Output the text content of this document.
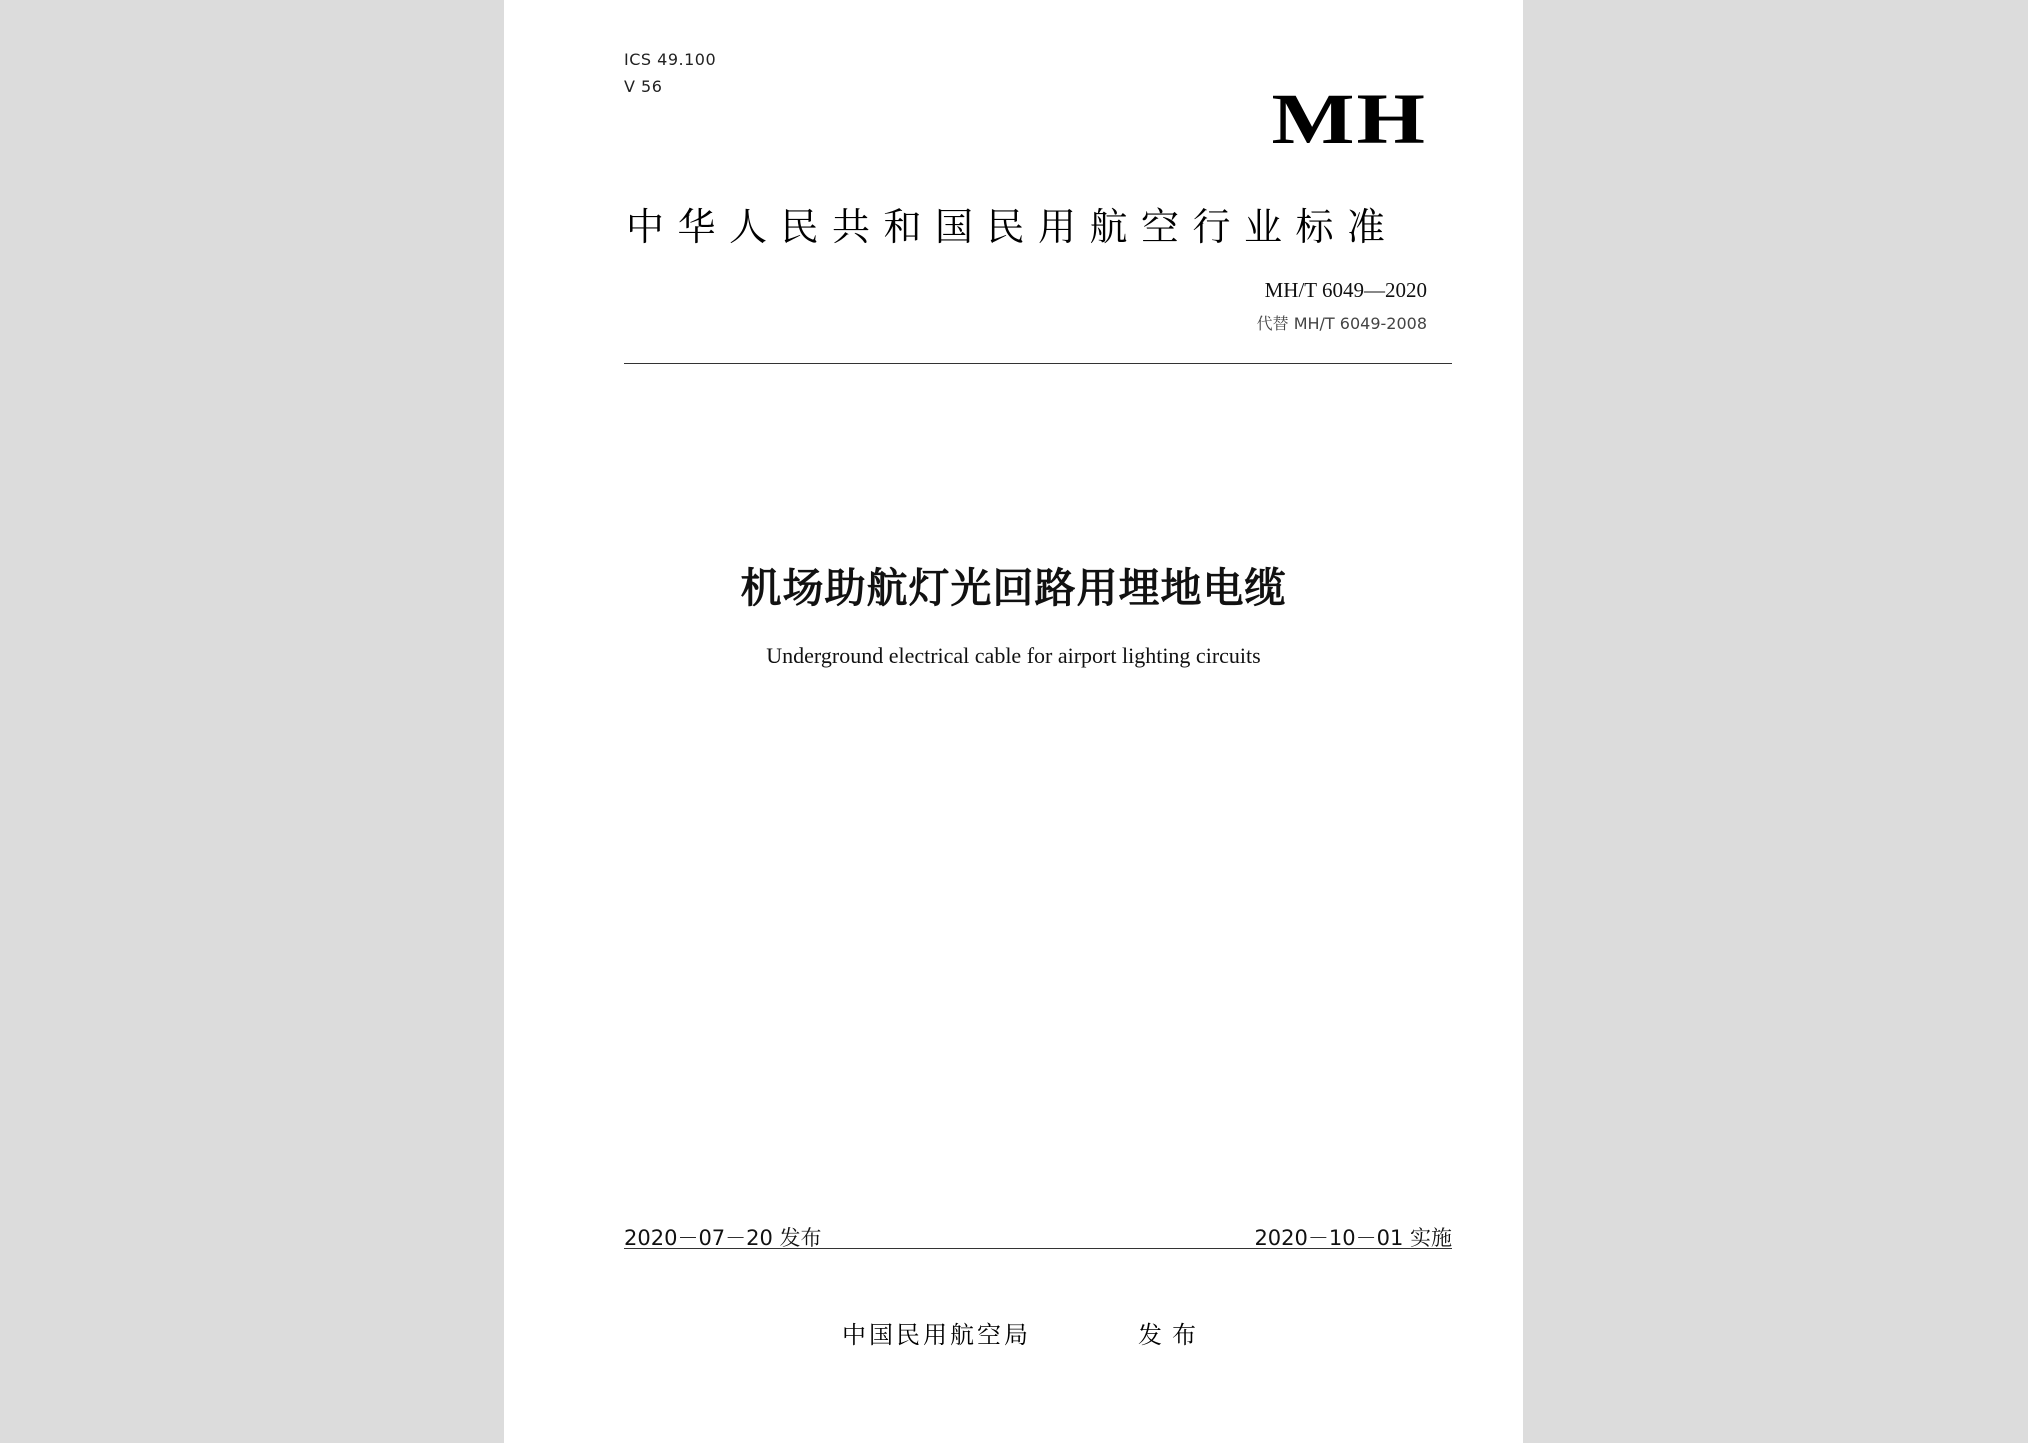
ICS 49.100
V 56	MH
中华人民共和国民用航空行业标准
MH/T 6049—2020
代替 MH/T 6049-2008
机场助航灯光回路用埋地电缆
Underground electrical cable for airport lighting circuits
2020－07－20 发布	2020－10－01 实施
中国民用航空局	发布
